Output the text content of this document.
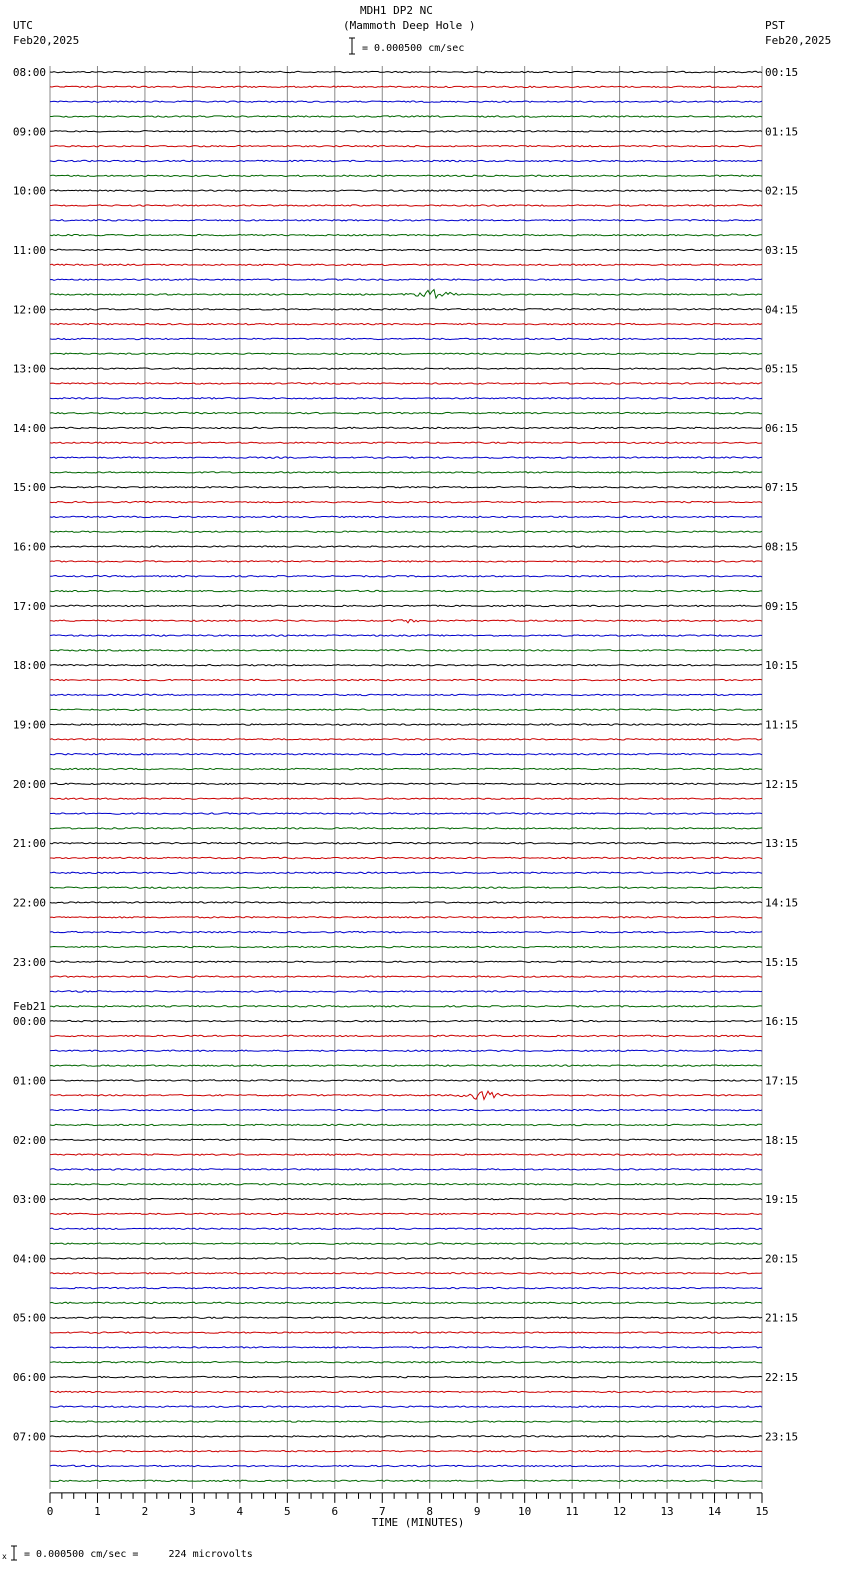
MDH1 DP2 NC
(Mammoth Deep Hole )
UTC
Feb20,2025
PST
Feb20,2025
= 0.000500 cm/sec
x = 0.000500 cm/sec =     224 microvolts
08:00	00:15
09:00	01:15
10:00	02:15
11:00	03:15
12:00	04:15
13:00	05:15
14:00	06:15
15:00	07:15
16:00	08:15
17:00	09:15
18:00	10:15
19:00	11:15
20:00	12:15
21:00	13:15
22:00	14:15
23:00	15:15
00:00	16:15
Feb21
01:00	17:15
02:00	18:15
03:00	19:15
04:00	20:15
05:00	21:15
06:00	22:15
07:00	23:15
0	1	2	3	4	5	6	7	8	9	10	11	12	13	14	15
TIME (MINUTES)
